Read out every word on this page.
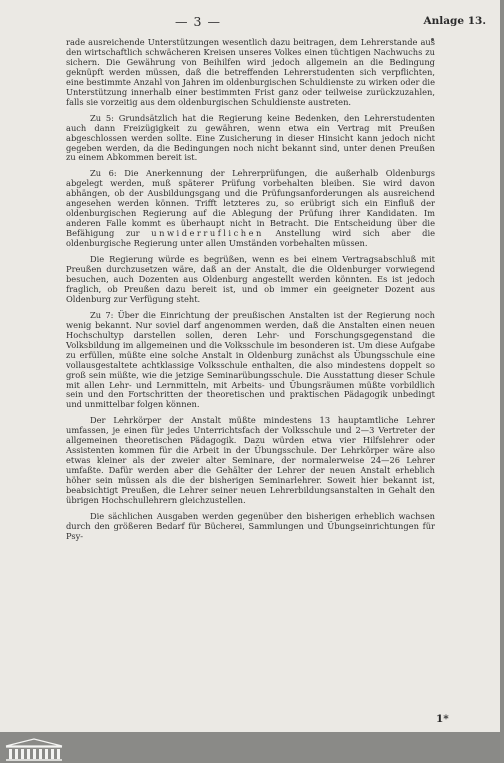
— 3 —	Anlage 13.

rade ausreichende Unterstützungen wesentlich dazu beitragen, dem Lehrerstande aus den wirtschaftlich schwächeren Kreisen unseres Volkes einen tüchtigen Nachwuchs zu sichern. Die Gewährung von Beihilfen wird jedoch allgemein an die Bedingung geknüpft werden müssen, daß die betreffenden Lehrerstudenten sich verpflichten, eine bestimmte Anzahl von Jahren im oldenburgischen Schuldienste zu wirken oder die Unterstützung innerhalb einer bestimmten Frist ganz oder teilweise zurückzuzahlen, falls sie vorzeitig aus dem oldenburgischen Schuldienste austreten.

Zu 5: Grundsätzlich hat die Regierung keine Bedenken, den Lehrerstudenten auch dann Freizügigkeit zu gewähren, wenn etwa ein Vertrag mit Preußen abgeschlossen werden sollte. Eine Zusicherung in dieser Hinsicht kann jedoch nicht gegeben werden, da die Bedingungen noch nicht bekannt sind, unter denen Preußen zu einem Abkommen bereit ist.

Zu 6: Die Anerkennung der Lehrerprüfungen, die außerhalb Oldenburgs abgelegt werden, muß späterer Prüfung vorbehalten bleiben. Sie wird davon abhängen, ob der Ausbildungsgang und die Prüfungsanforderungen als ausreichend angesehen werden können. Trifft letzteres zu, so erübrigt sich ein Einfluß der oldenburgischen Regierung auf die Ablegung der Prüfung ihrer Kandidaten. Im anderen Falle kommt es überhaupt nicht in Betracht. Die Entscheidung über die Befähigung zur unwiderruflichen Anstellung wird sich aber die oldenburgische Regierung unter allen Umständen vorbehalten müssen.

Die Regierung würde es begrüßen, wenn es bei einem Vertragsabschluß mit Preußen durchzusetzen wäre, daß an der Anstalt, die die Oldenburger vorwiegend besuchen, auch Dozenten aus Oldenburg angestellt werden könnten. Es ist jedoch fraglich, ob Preußen dazu bereit ist, und ob immer ein geeigneter Dozent aus Oldenburg zur Verfügung steht.

Zu 7: Über die Einrichtung der preußischen Anstalten ist der Regierung noch wenig bekannt. Nur soviel darf angenommen werden, daß die Anstalten einen neuen Hochschultyp darstellen sollen, deren Lehr- und Forschungsgegenstand die Volksbildung im allgemeinen und die Volksschule im besonderen ist. Um diese Aufgabe zu erfüllen, müßte eine solche Anstalt in Oldenburg zunächst als Übungsschule eine vollausgestaltete achtklassige Volksschule enthalten, die also mindestens doppelt so groß sein müßte, wie die jetzige Seminarübungsschule. Die Ausstattung dieser Schule mit allen Lehr- und Lernmitteln, mit Arbeits- und Übungsräumen müßte vorbildlich sein und den Fortschritten der theoretischen und praktischen Pädagogik unbedingt und unmittelbar folgen können.

Der Lehrkörper der Anstalt müßte mindestens 13 hauptamtliche Lehrer umfassen, je einen für jedes Unterrichtsfach der Volksschule und 2—3 Vertreter der allgemeinen theoretischen Pädagogik. Dazu würden etwa vier Hilfslehrer oder Assistenten kommen für die Arbeit in der Übungsschule. Der Lehrkörper wäre also etwas kleiner als der zweier alter Seminare, der normalerweise 24—26 Lehrer umfaßte. Dafür werden aber die Gehälter der Lehrer der neuen Anstalt erheblich höher sein müssen als die der bisherigen Seminarlehrer. Soweit hier bekannt ist, beabsichtigt Preußen, die Lehrer seiner neuen Lehrerbildungsanstalten in Gehalt den übrigen Hochschullehrern gleichzustellen.

Die sächlichen Ausgaben werden gegenüber den bisherigen erheblich wachsen durch den größeren Bedarf für Bücherei, Sammlungen und Übungseinrichtungen für Psy-

1*
